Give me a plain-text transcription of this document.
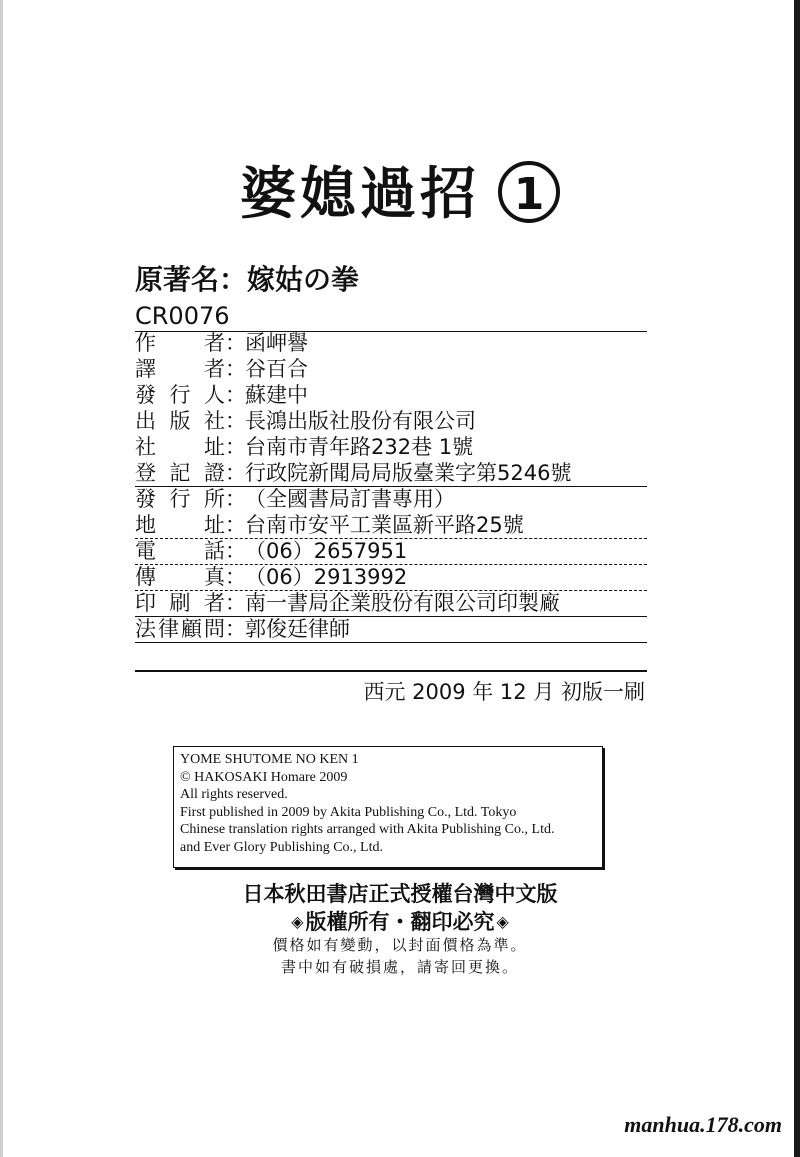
婆媳過招 1
原著名：嫁姑の拳
CR0076
作者：函岬譽
譯者：谷百合
發行人：蘇建中
出版社：長鴻出版社股份有限公司
社址：台南市青年路232巷 1號
登記證：行政院新聞局局版臺業字第5246號
發行所：（全國書局訂書專用）
地址：台南市安平工業區新平路25號
電話：（06）2657951
傳真：（06）2913992
印刷者：南一書局企業股份有限公司印製廠
法律顧問：郭俊廷律師
西元 2009 年 12 月 初版一刷
YOME SHUTOME NO KEN 1
© HAKOSAKI Homare 2009
All rights reserved.
First published in 2009 by Akita Publishing Co., Ltd. Tokyo
Chinese translation rights arranged with Akita Publishing Co., Ltd.
and Ever Glory Publishing Co., Ltd.
日本秋田書店正式授權台灣中文版
◈版權所有・翻印必究 ◈
價格如有變動，以封面價格為準。
書中如有破損處，請寄回更換。
manhua.178.com
